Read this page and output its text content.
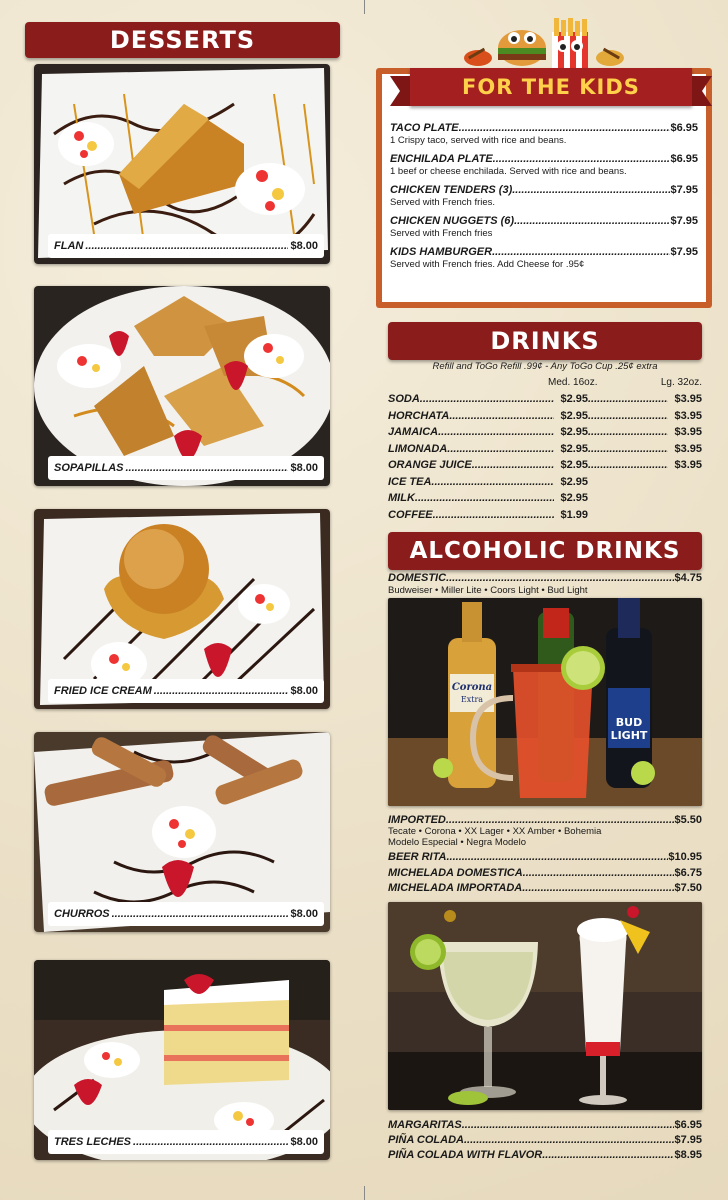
DESSERTS
FLAN .....	$8.00
SOPAPILLAS .....	$8.00
FRIED ICE CREAM .....	$8.00
CHURROS .....	$8.00
TRES LECHES .....	$8.00
FOR THE KIDS
TACO PLATE .....	$6.95
1 Crispy taco, served with rice and beans.
ENCHILADA PLATE .....	$6.95
1 beef or cheese enchilada. Served with rice and beans.
CHICKEN TENDERS (3) .....	$7.95
Served with French fries.
CHICKEN NUGGETS (6) .....	$7.95
Served with French fries
KIDS HAMBURGER .....	$7.95
Served with French fries. Add Cheese for .95¢
DRINKS
Refill and ToGo Refill .99¢ - Any ToGo Cup .25¢ extra
Med. 16oz.	Lg. 32oz.
SODA .....	$2.95 .....	$3.95
HORCHATA .....	$2.95 .....	$3.95
JAMAICA .....	$2.95 .....	$3.95
LIMONADA .....	$2.95 .....	$3.95
ORANGE JUICE .....	$2.95 .....	$3.95
ICE TEA .....	$2.95
MILK .....	$2.95
COFFEE .....	$1.99
ALCOHOLIC DRINKS
DOMESTIC .....	$4.75
Budweiser • Miller Lite • Coors Light • Bud Light
Corona
Extra
BUD
LIGHT
IMPORTED .....	$5.50
Tecate • Corona • XX Lager • XX Amber • Bohemia
Modelo Especial • Negra Modelo
BEER RITA .....	$10.95
MICHELADA DOMESTICA .....	$6.75
MICHELADA IMPORTADA .....	$7.50
MARGARITAS .....	$6.95
PIÑA COLADA .....	$7.95
PIÑA COLADA WITH FLAVOR .....	$8.95
